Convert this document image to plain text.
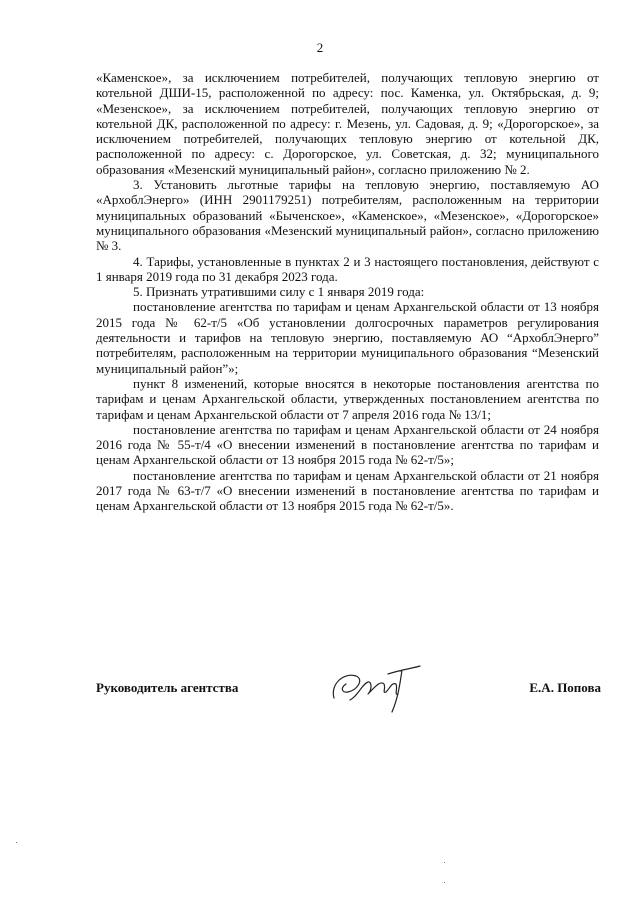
2

«Каменское», за исключением потребителей, получающих тепловую энергию от котельной ДШИ-15, расположенной по адресу: пос. Каменка, ул. Октябрьская, д. 9; «Мезенское», за исключением потребителей, получающих тепловую энергию от котельной ДК, расположенной по адресу: г. Мезень, ул. Садовая, д. 9; «Дорогорское», за исключением потребителей, получающих тепловую энергию от котельной ДК, расположенной по адресу: с. Дорогорское, ул. Советская, д. 32; муниципального образования «Мезенский муниципальный район», согласно приложению № 2.

3. Установить льготные тарифы на тепловую энергию, поставляемую АО «АрхоблЭнерго» (ИНН 2901179251) потребителям, расположенным на территории муниципальных образований «Быченское», «Каменское», «Мезенское», «Дорогорское» муниципального образования «Мезенский муниципальный район», согласно приложению № 3.

4. Тарифы, установленные в пунктах 2 и 3 настоящего постановления, действуют с 1 января 2019 года по 31 декабря 2023 года.

5. Признать утратившими силу с 1 января 2019 года:

постановление агентства по тарифам и ценам Архангельской области от 13 ноября 2015 года № 62-т/5 «Об установлении долгосрочных параметров регулирования деятельности и тарифов на тепловую энергию, поставляемую АО “АрхоблЭнерго” потребителям, расположенным на территории муниципального образования “Мезенский муниципальный район”»;

пункт 8 изменений, которые вносятся в некоторые постановления агентства по тарифам и ценам Архангельской области, утвержденных постановлением агентства по тарифам и ценам Архангельской области от 7 апреля 2016 года № 13/1;

постановление агентства по тарифам и ценам Архангельской области от 24 ноября 2016 года № 55-т/4 «О внесении изменений в постановление агентства по тарифам и ценам Архангельской области от 13 ноября 2015 года № 62-т/5»;

постановление агентства по тарифам и ценам Архангельской области от 21 ноября 2017 года № 63-т/7 «О внесении изменений в постановление агентства по тарифам и ценам Архангельской области от 13 ноября 2015 года № 62-т/5».

Руководитель агентства	Е.А. Попова
